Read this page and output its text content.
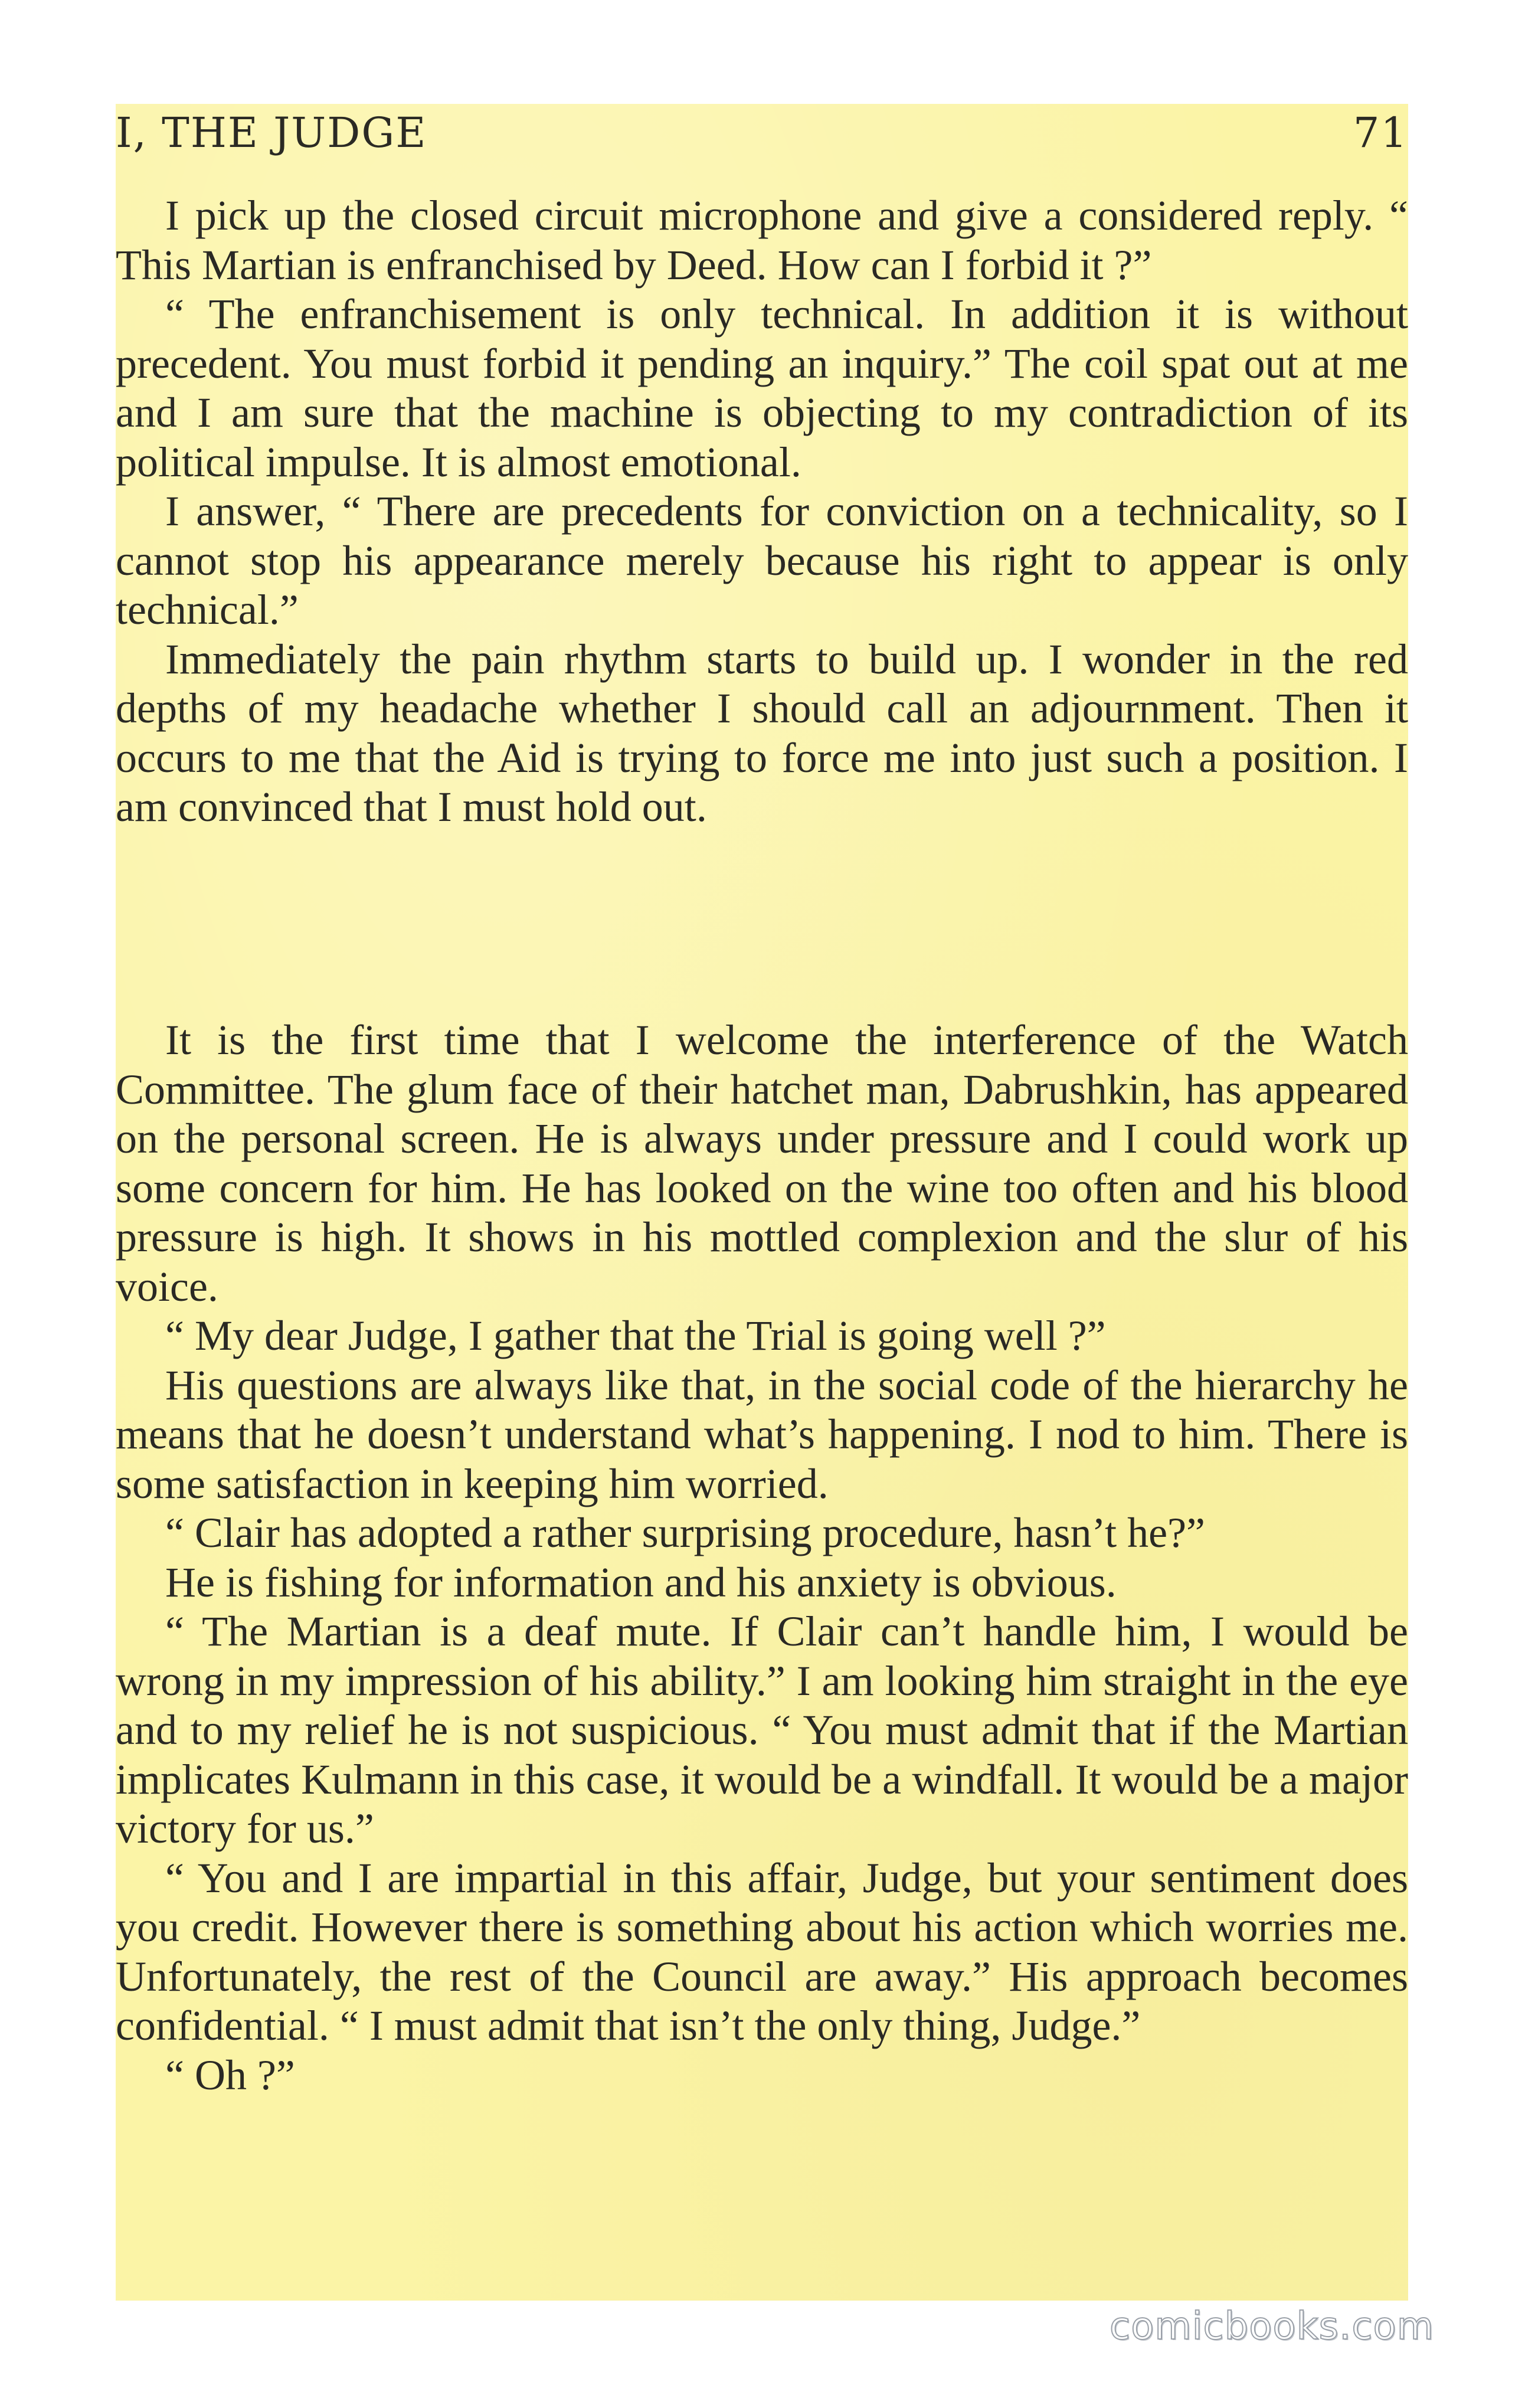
I, THE JUDGE	71

I pick up the closed circuit microphone and give a considered reply. “ This Martian is enfranchised by Deed. How can I forbid it ?”

“ The enfranchisement is only technical. In addition it is without precedent. You must forbid it pending an inquiry.” The coil spat out at me and I am sure that the machine is objecting to my contradiction of its political impulse. It is almost emotional.

I answer, “ There are precedents for conviction on a technicality, so I cannot stop his appearance merely because his right to appear is only technical.”

Immediately the pain rhythm starts to build up. I wonder in the red depths of my headache whether I should call an adjournment. Then it occurs to me that the Aid is trying to force me into just such a position. I am convinced that I must hold out.

It is the first time that I welcome the interference of the Watch Committee. The glum face of their hatchet man, Dabrushkin, has appeared on the personal screen. He is always under pressure and I could work up some concern for him. He has looked on the wine too often and his blood pressure is high. It shows in his mottled complexion and the slur of his voice.

“ My dear Judge, I gather that the Trial is going well ?”

His questions are always like that, in the social code of the hierarchy he means that he doesn’t understand what’s happening. I nod to him. There is some satisfaction in keeping him worried.

“ Clair has adopted a rather surprising procedure, hasn’t he?”

He is fishing for information and his anxiety is obvious.

“ The Martian is a deaf mute. If Clair can’t handle him, I would be wrong in my impression of his ability.” I am looking him straight in the eye and to my relief he is not suspicious. “ You must admit that if the Martian implicates Kulmann in this case, it would be a windfall. It would be a major victory for us.”

“ You and I are impartial in this affair, Judge, but your sentiment does you credit. However there is something about his action which worries me. Unfortunately, the rest of the Council are away.” His approach becomes confidential. “ I must admit that isn’t the only thing, Judge.”

“ Oh ?”

comicbooks.com
